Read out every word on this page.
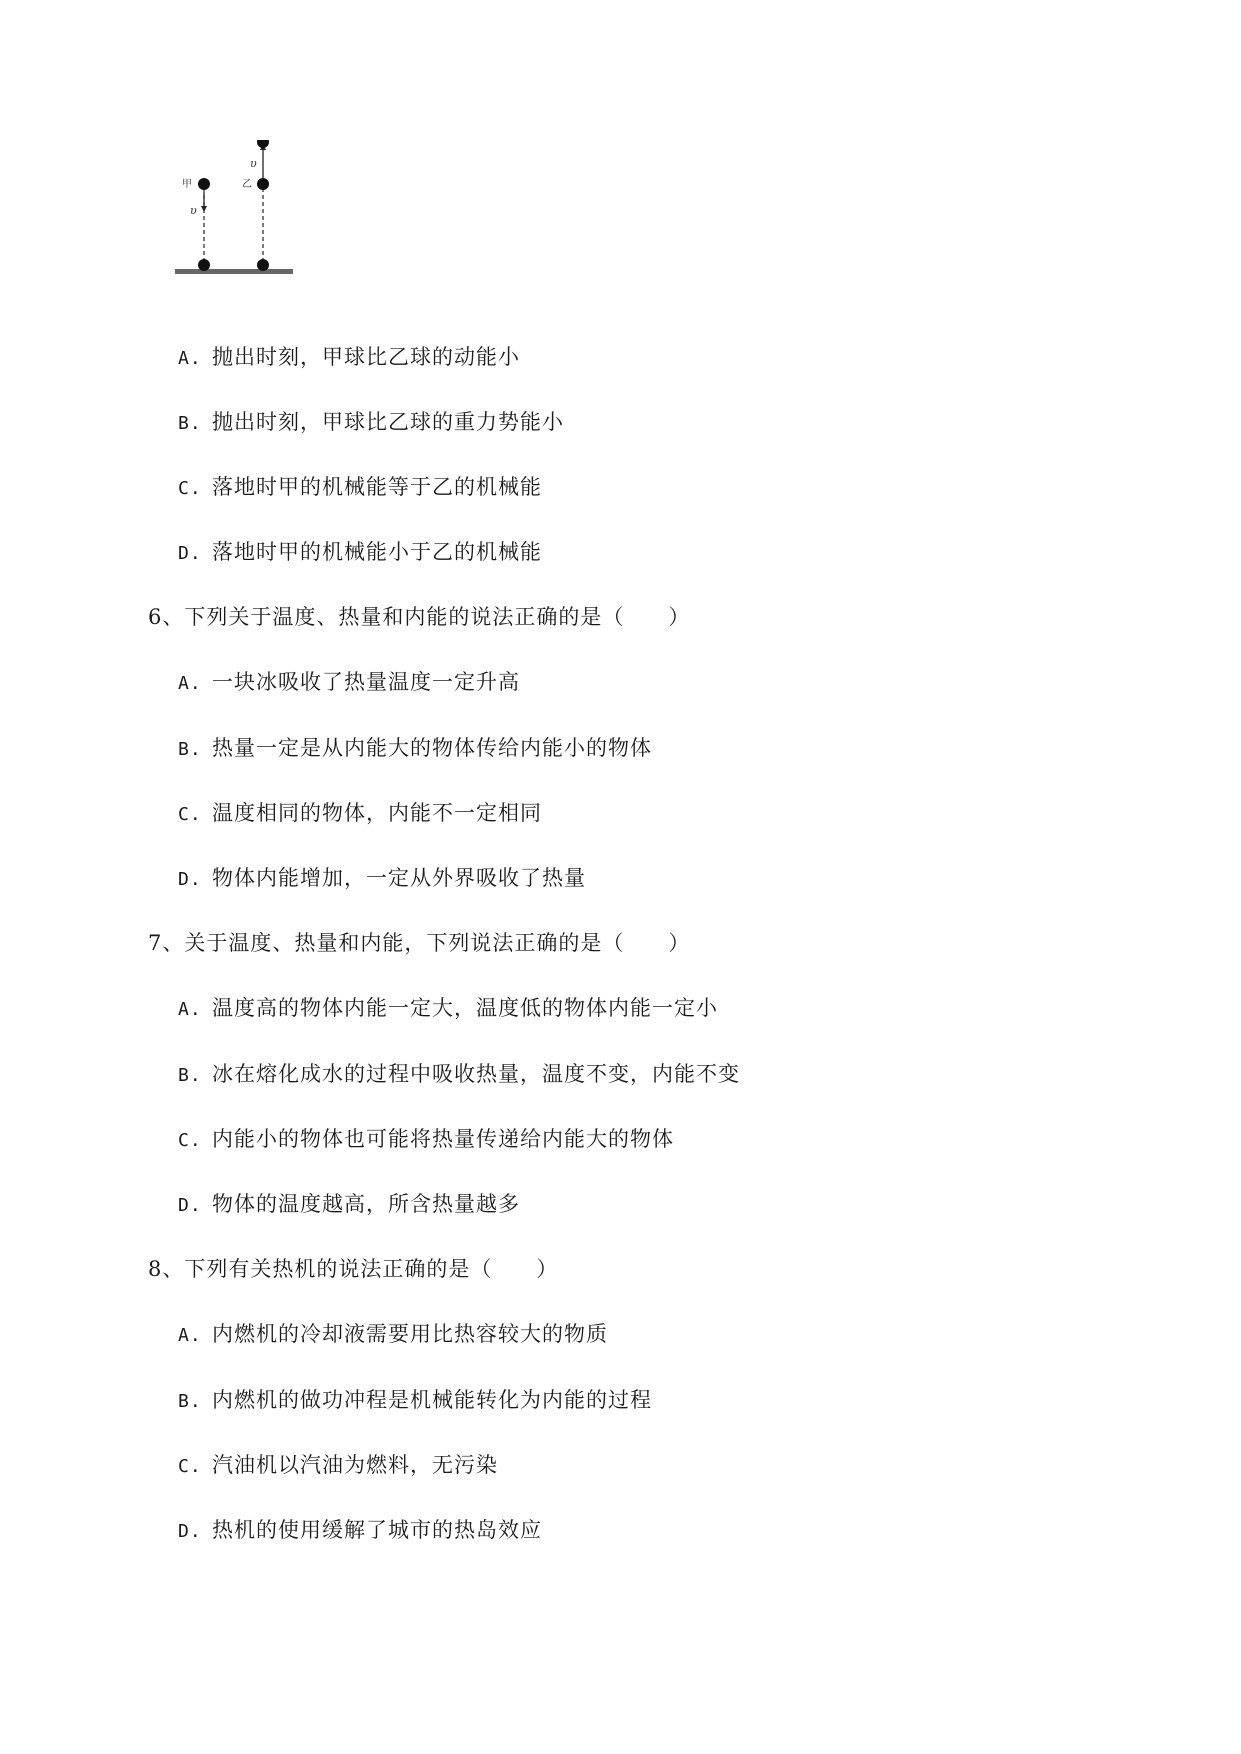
甲	乙
υ
υ
A. 抛出时刻，甲球比乙球的动能小
B. 抛出时刻，甲球比乙球的重力势能小
C. 落地时甲的机械能等于乙的机械能
D. 落地时甲的机械能小于乙的机械能
6、下列关于温度、热量和内能的说法正确的是（　　）
A. 一块冰吸收了热量温度一定升高
B. 热量一定是从内能大的物体传给内能小的物体
C. 温度相同的物体，内能不一定相同
D. 物体内能增加，一定从外界吸收了热量
7、关于温度、热量和内能，下列说法正确的是（　　）
A. 温度高的物体内能一定大，温度低的物体内能一定小
B. 冰在熔化成水的过程中吸收热量，温度不变，内能不变
C. 内能小的物体也可能将热量传递给内能大的物体
D. 物体的温度越高，所含热量越多
8、下列有关热机的说法正确的是（　　）
A. 内燃机的冷却液需要用比热容较大的物质
B. 内燃机的做功冲程是机械能转化为内能的过程
C. 汽油机以汽油为燃料，无污染
D. 热机的使用缓解了城市的热岛效应
